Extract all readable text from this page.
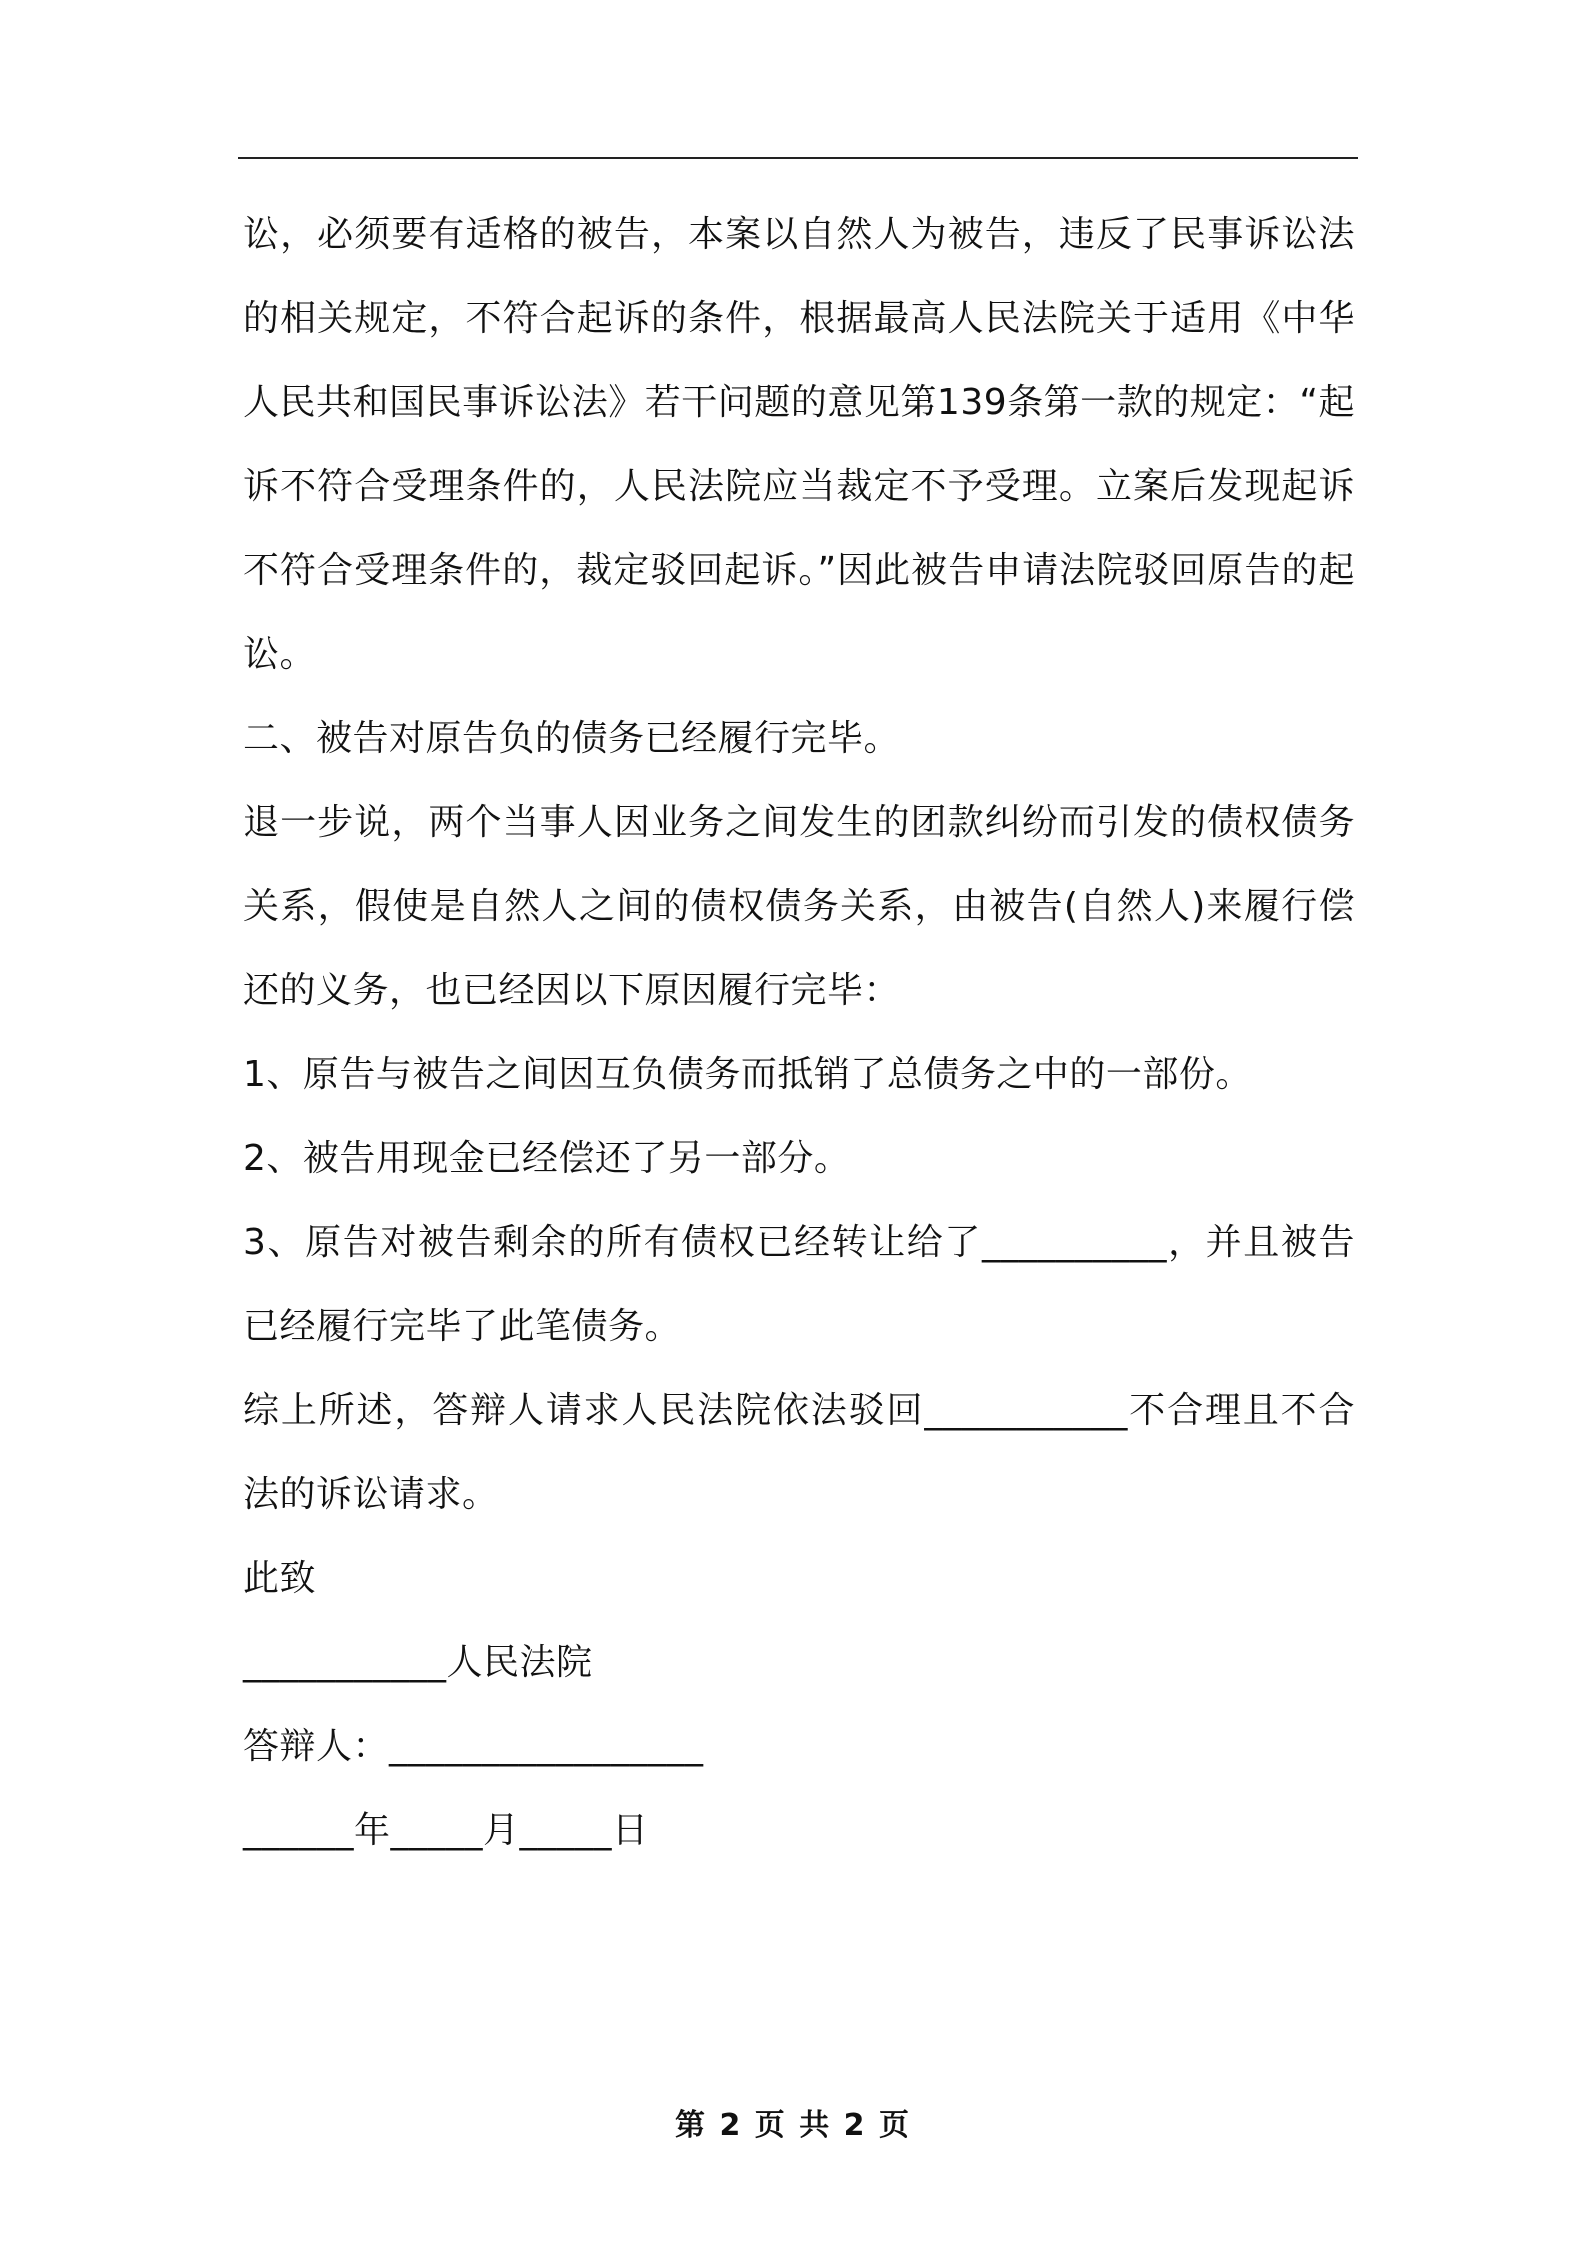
讼，必须要有适格的被告，本案以自然人为被告，违反了民事诉讼法的相关规定，不符合起诉的条件，根据最高人民法院关于适用《中华人民共和国民事诉讼法》若干问题的意见第139条第一款的规定：“起诉不符合受理条件的，人民法院应当裁定不予受理。立案后发现起诉不符合受理条件的，裁定驳回起诉。”因此被告申请法院驳回原告的起讼。

二、被告对原告负的债务已经履行完毕。

退一步说，两个当事人因业务之间发生的团款纠纷而引发的债权债务关系，假使是自然人之间的债权债务关系，由被告(自然人)来履行偿还的义务，也已经因以下原因履行完毕：

1、原告与被告之间因互负债务而抵销了总债务之中的一部份。

2、被告用现金已经偿还了另一部分。

3、原告对被告剩余的所有债权已经转让给了__________，并且被告已经履行完毕了此笔债务。

综上所述，答辩人请求人民法院依法驳回___________不合理且不合法的诉讼请求。

此致

___________人民法院

答辩人：_________________

______年_____月_____日

第 2 页 共 2 页
